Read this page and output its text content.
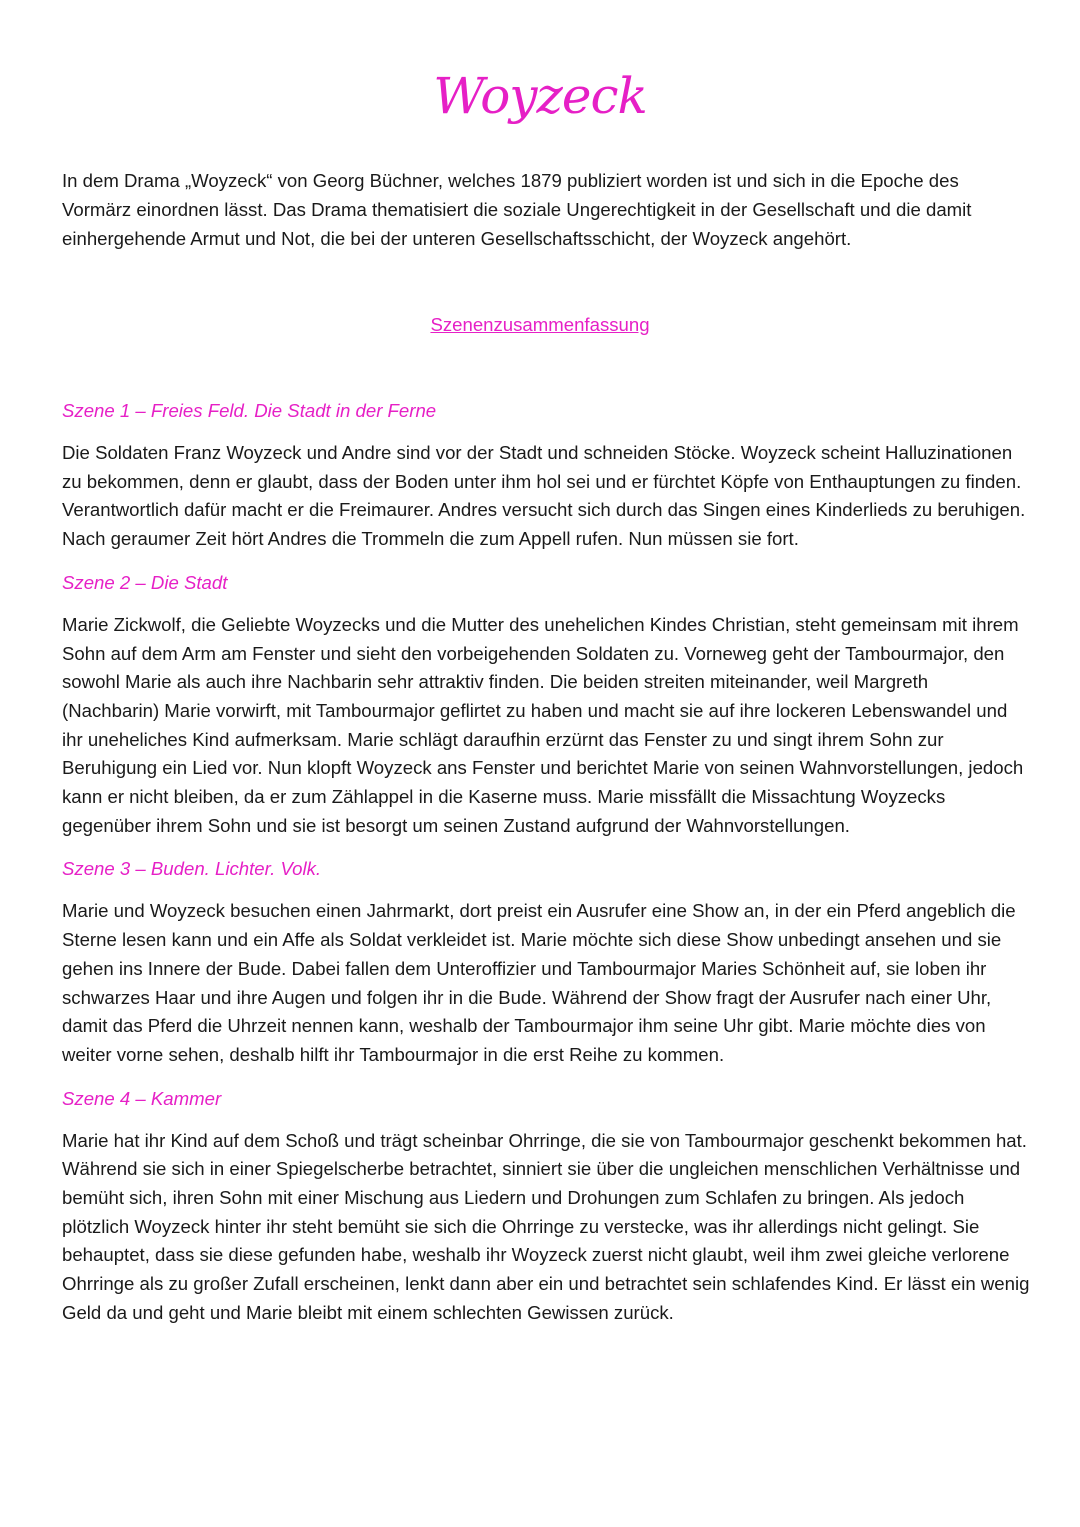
Woyzeck

In dem Drama „Woyzeck“ von Georg Büchner, welches 1879 publiziert worden ist und sich in die Epoche des Vormärz einordnen lässt. Das Drama thematisiert die soziale Ungerechtigkeit in der Gesellschaft und die damit einhergehende Armut und Not, die bei der unteren Gesellschaftsschicht, der Woyzeck angehört.

Szenenzusammenfassung
Szene 1 – Freies Feld. Die Stadt in der Ferne

Die Soldaten Franz Woyzeck und Andre sind vor der Stadt und schneiden Stöcke. Woyzeck scheint Halluzinationen zu bekommen, denn er glaubt, dass der Boden unter ihm hol sei und er fürchtet Köpfe von Enthauptungen zu finden. Verantwortlich dafür macht er die Freimaurer. Andres versucht sich durch das Singen eines Kinderlieds zu beruhigen. Nach geraumer Zeit hört Andres die Trommeln die zum Appell rufen. Nun müssen sie fort.

Szene 2 – Die Stadt

Marie Zickwolf, die Geliebte Woyzecks und die Mutter des unehelichen Kindes Christian, steht gemeinsam mit ihrem Sohn auf dem Arm am Fenster und sieht den vorbeigehenden Soldaten zu. Vorneweg geht der Tambourmajor, den sowohl Marie als auch ihre Nachbarin sehr attraktiv finden. Die beiden streiten miteinander, weil Margreth (Nachbarin) Marie vorwirft, mit Tambourmajor geflirtet zu haben und macht sie auf ihre lockeren Lebenswandel und ihr uneheliches Kind aufmerksam. Marie schlägt daraufhin erzürnt das Fenster zu und singt ihrem Sohn zur Beruhigung ein Lied vor. Nun klopft Woyzeck ans Fenster und berichtet Marie von seinen Wahnvorstellungen, jedoch kann er nicht bleiben, da er zum Zählappel in die Kaserne muss. Marie missfällt die Missachtung Woyzecks gegenüber ihrem Sohn und sie ist besorgt um seinen Zustand aufgrund der Wahnvorstellungen.

Szene 3 – Buden. Lichter. Volk.

Marie und Woyzeck besuchen einen Jahrmarkt, dort preist ein Ausrufer eine Show an, in der ein Pferd angeblich die Sterne lesen kann und ein Affe als Soldat verkleidet ist. Marie möchte sich diese Show unbedingt ansehen und sie gehen ins Innere der Bude. Dabei fallen dem Unteroffizier und Tambourmajor Maries Schönheit auf, sie loben ihr schwarzes Haar und ihre Augen und folgen ihr in die Bude. Während der Show fragt der Ausrufer nach einer Uhr, damit das Pferd die Uhrzeit nennen kann, weshalb der Tambourmajor ihm seine Uhr gibt. Marie möchte dies von weiter vorne sehen, deshalb hilft ihr Tambourmajor in die erst Reihe zu kommen.

Szene 4 – Kammer

Marie hat ihr Kind auf dem Schoß und trägt scheinbar Ohrringe, die sie von Tambourmajor geschenkt bekommen hat. Während sie sich in einer Spiegelscherbe betrachtet, sinniert sie über die ungleichen menschlichen Verhältnisse und bemüht sich, ihren Sohn mit einer Mischung aus Liedern und Drohungen zum Schlafen zu bringen. Als jedoch plötzlich Woyzeck hinter ihr steht bemüht sie sich die Ohrringe zu verstecke, was ihr allerdings nicht gelingt. Sie behauptet, dass sie diese gefunden habe, weshalb ihr Woyzeck zuerst nicht glaubt, weil ihm zwei gleiche verlorene Ohrringe als zu großer Zufall erscheinen, lenkt dann aber ein und betrachtet sein schlafendes Kind. Er lässt ein wenig Geld da und geht und Marie bleibt mit einem schlechten Gewissen zurück.
